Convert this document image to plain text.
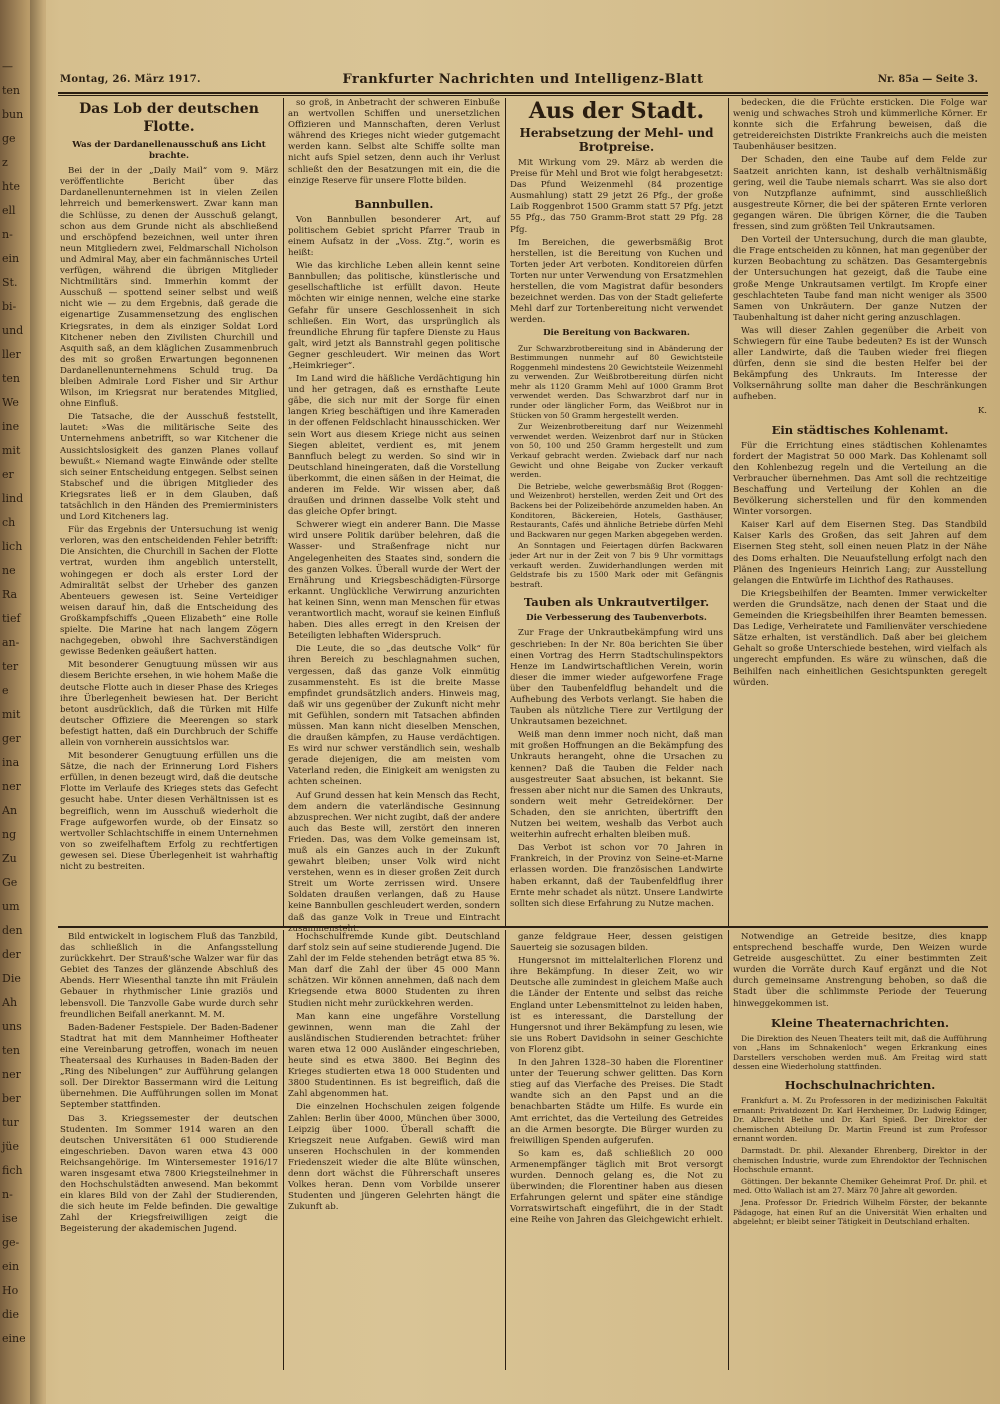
—
ten
bun
ge
z
hte
ell
n-
ein
St.
bi-
und
ller
ten
We
ine
mit
er
lind
ch
lich
ne
Ra
tief
an-
ter
e
mit
ger
ina
ner
An
ng
Zu
Ge
um
den
der
Die
Ah
uns
ten
ner
ber
tur
jüe
fich
n-
ise
ge-
ein
Ho
die
eine
Montag, 26. März 1917.	Frankfurter Nachrichten und Intelligenz-Blatt	Nr. 85a — Seite 3.
Das Lob der deutschen Flotte.
Was der Dardanellenausschuß ans Licht brachte.

Bei der in der „Daily Mail“ vom 9. März veröffentlichte Bericht über das Dardanellenunternehmen ist in vielen Zeilen lehrreich und bemerkenswert. Zwar kann man die Schlüsse, zu denen der Ausschuß gelangt, schon aus dem Grunde nicht als abschließend und erschöpfend bezeichnen, weil unter ihren neun Mitgliedern zwei, Feldmarschall Nicholson und Admiral May, aber ein fachmännisches Urteil verfügen, während die übrigen Mitglieder Nichtmilitärs sind. Immerhin kommt der Ausschuß — spottend seiner selbst und weiß nicht wie — zu dem Ergebnis, daß gerade die eigenartige Zusammensetzung des englischen Kriegsrates, in dem als einziger Soldat Lord Kitchener neben den Zivilisten Churchill und Asquith saß, an dem kläglichen Zusammenbruch des mit so großen Erwartungen begonnenen Dardanellenunternehmens Schuld trug. Da bleiben Admirale Lord Fisher und Sir Arthur Wilson, im Kriegsrat nur beratendes Mitglied, ohne Einfluß.

Die Tatsache, die der Ausschuß feststellt, lautet: »Was die militärische Seite des Unternehmens anbetrifft, so war Kitchener die Aussichtslosigkeit des ganzen Planes vollauf bewußt.« Niemand wagte Einwände oder stellte sich seiner Entscheidung entgegen. Selbst seinen Stabschef und die übrigen Mitglieder des Kriegsrates ließ er in dem Glauben, daß tatsächlich in den Händen des Premierministers und Lord Kitcheners lag.

Für das Ergebnis der Untersuchung ist wenig verloren, was den entscheidenden Fehler betrifft: Die Ansichten, die Churchill in Sachen der Flotte vertrat, wurden ihm angeblich unterstellt, wohingegen er doch als erster Lord der Admiralität selbst der Urheber des ganzen Abenteuers gewesen ist. Seine Verteidiger weisen darauf hin, daß die Entscheidung des Großkampfschiffs „Queen Elizabeth“ eine Rolle spielte. Die Marine hat nach langem Zögern nachgegeben, obwohl ihre Sachverständigen gewisse Bedenken geäußert hatten.

Mit besonderer Genugtuung müssen wir aus diesem Berichte ersehen, in wie hohem Maße die deutsche Flotte auch in dieser Phase des Krieges ihre Überlegenheit bewiesen hat. Der Bericht betont ausdrücklich, daß die Türken mit Hilfe deutscher Offiziere die Meerengen so stark befestigt hatten, daß ein Durchbruch der Schiffe allein von vornherein aussichtslos war.

Mit besonderer Genugtuung erfüllen uns die Sätze, die nach der Erinnerung Lord Fishers erfüllen, in denen bezeugt wird, daß die deutsche Flotte im Verlaufe des Krieges stets das Gefecht gesucht habe. Unter diesen Verhältnissen ist es begreiflich, wenn im Ausschuß wiederholt die Frage aufgeworfen wurde, ob der Einsatz so wertvoller Schlachtschiffe in einem Unternehmen von so zweifelhaftem Erfolg zu rechtfertigen gewesen sei. Diese Überlegenheit ist wahrhaftig nicht zu bestreiten.

so groß, in Anbetracht der schweren Einbuße an wertvollen Schiffen und unersetzlichen Offizieren und Mannschaften, deren Verlust während des Krieges nicht wieder gutgemacht werden kann. Selbst alte Schiffe sollte man nicht aufs Spiel setzen, denn auch ihr Verlust schließt den der Besatzungen mit ein, die die einzige Reserve für unsere Flotte bilden.

Bannbullen.

Von Bannbullen besonderer Art, auf politischem Gebiet spricht Pfarrer Traub in einem Aufsatz in der „Voss. Ztg.“, worin es heißt:

Wie das kirchliche Leben allein kennt seine Bannbullen; das politische, künstlerische und gesellschaftliche ist erfüllt davon. Heute möchten wir einige nennen, welche eine starke Gefahr für unsere Geschlossenheit in sich schließen. Ein Wort, das ursprünglich als freundliche Ehrung für tapfere Dienste zu Haus galt, wird jetzt als Bannstrahl gegen politische Gegner geschleudert. Wir meinen das Wort „Heimkrieger“.

Im Land wird die häßliche Verdächtigung hin und her getragen, daß es ernsthafte Leute gäbe, die sich nur mit der Sorge für einen langen Krieg beschäftigen und ihre Kameraden in der offenen Feldschlacht hinausschicken. Wer sein Wort aus diesem Kriege nicht aus seinen Siegen ableitet, verdient es, mit jenem Bannfluch belegt zu werden. So sind wir in Deutschland hineingeraten, daß die Vorstellung überkommt, die einen säßen in der Heimat, die anderen im Felde. Wir wissen aber, daß draußen und drinnen dasselbe Volk steht und das gleiche Opfer bringt.

Schwerer wiegt ein anderer Bann. Die Masse wird unsere Politik darüber belehren, daß die Wasser- und Straßenfrage nicht nur Angelegenheiten des Staates sind, sondern die des ganzen Volkes. Überall wurde der Wert der Ernährung und Kriegsbeschädigten-Fürsorge erkannt. Unglückliche Verwirrung anzurichten hat keinen Sinn, wenn man Menschen für etwas verantwortlich macht, worauf sie keinen Einfluß haben. Dies alles erregt in den Kreisen der Beteiligten lebhaften Widerspruch.

Die Leute, die so „das deutsche Volk“ für ihren Bereich zu beschlagnahmen suchen, vergessen, daß das ganze Volk einmütig zusammensteht. Es ist die breite Masse empfindet grundsätzlich anders. Hinweis mag, daß wir uns gegenüber der Zukunft nicht mehr mit Gefühlen, sondern mit Tatsachen abfinden müssen. Man kann nicht dieselben Menschen, die draußen kämpfen, zu Hause verdächtigen. Es wird nur schwer verständlich sein, weshalb gerade diejenigen, die am meisten vom Vaterland reden, die Einigkeit am wenigsten zu achten scheinen.

Auf Grund dessen hat kein Mensch das Recht, dem andern die vaterländische Gesinnung abzusprechen. Wer nicht zugibt, daß der andere auch das Beste will, zerstört den inneren Frieden. Das, was dem Volke gemeinsam ist, muß als ein Ganzes auch in der Zukunft gewahrt bleiben; unser Volk wird nicht verstehen, wenn es in dieser großen Zeit durch Streit um Worte zerrissen wird. Unsere Soldaten draußen verlangen, daß zu Hause keine Bannbullen geschleudert werden, sondern daß das ganze Volk in Treue und Eintracht zusammensteht.

Aus der Stadt.
Herabsetzung der Mehl- und Brotpreise.

Mit Wirkung vom 29. März ab werden die Preise für Mehl und Brot wie folgt herabgesetzt: Das Pfund Weizenmehl (84 prozentige Ausmahlung) statt 29 jetzt 26 Pfg., der große Laib Roggenbrot 1500 Gramm statt 57 Pfg. jetzt 55 Pfg., das 750 Gramm-Brot statt 29 Pfg. 28 Pfg.

Im Bereichen, die gewerbsmäßig Brot herstellen, ist die Bereitung von Kuchen und Torten jeder Art verboten. Konditoreien dürfen Torten nur unter Verwendung von Ersatzmehlen herstellen, die vom Magistrat dafür besonders bezeichnet werden. Das von der Stadt gelieferte Mehl darf zur Tortenbereitung nicht verwendet werden.

Die Bereitung von Backwaren.

Zur Schwarzbrotbereitung sind in Abänderung der Bestimmungen nunmehr auf 80 Gewichtsteile Roggenmehl mindestens 20 Gewichtsteile Weizenmehl zu verwenden. Zur Weißbrotbereitung dürfen nicht mehr als 1120 Gramm Mehl auf 1000 Gramm Brot verwendet werden. Das Schwarzbrot darf nur in runder oder länglicher Form, das Weißbrot nur in Stücken von 50 Gramm hergestellt werden.

Zur Weizenbrotbereitung darf nur Weizenmehl verwendet werden. Weizenbrot darf nur in Stücken von 50, 100 und 250 Gramm hergestellt und zum Verkauf gebracht werden. Zwieback darf nur nach Gewicht und ohne Beigabe von Zucker verkauft werden.

Die Betriebe, welche gewerbsmäßig Brot (Roggen- und Weizenbrot) herstellen, werden Zeit und Ort des Backens bei der Polizeibehörde anzumelden haben. An Konditoren, Bäckereien, Hotels, Gasthäuser, Restaurants, Cafés und ähnliche Betriebe dürfen Mehl und Backwaren nur gegen Marken abgegeben werden.

An Sonntagen und Feiertagen dürfen Backwaren jeder Art nur in der Zeit von 7 bis 9 Uhr vormittags verkauft werden. Zuwiderhandlungen werden mit Geldstrafe bis zu 1500 Mark oder mit Gefängnis bestraft.

Tauben als Unkrautvertilger.
Die Verbesserung des Taubenverbots.

Zur Frage der Unkrautbekämpfung wird uns geschrieben: In der Nr. 80a berichten Sie über einen Vortrag des Herrn Stadtschulinspektors Henze im Landwirtschaftlichen Verein, worin dieser die immer wieder aufgeworfene Frage über den Taubenfeldflug behandelt und die Aufhebung des Verbots verlangt. Sie haben die Tauben als nützliche Tiere zur Vertilgung der Unkrautsamen bezeichnet.

Weiß man denn immer noch nicht, daß man mit großen Hoffnungen an die Bekämpfung des Unkrauts herangeht, ohne die Ursachen zu kennen? Daß die Tauben die Felder nach ausgestreuter Saat absuchen, ist bekannt. Sie fressen aber nicht nur die Samen des Unkrauts, sondern weit mehr Getreidekörner. Der Schaden, den sie anrichten, übertrifft den Nutzen bei weitem, weshalb das Verbot auch weiterhin aufrecht erhalten bleiben muß.

Das Verbot ist schon vor 70 Jahren in Frankreich, in der Provinz von Seine-et-Marne erlassen worden. Die französischen Landwirte haben erkannt, daß der Taubenfeldflug ihrer Ernte mehr schadet als nützt. Unsere Landwirte sollten sich diese Erfahrung zu Nutze machen.

bedecken, die die Früchte ersticken. Die Folge war wenig und schwaches Stroh und kümmerliche Körner. Er konnte sich die Erfahrung beweisen, daß die getreidereichsten Distrikte Frankreichs auch die meisten Taubenhäuser besitzen.

Der Schaden, den eine Taube auf dem Felde zur Saatzeit anrichten kann, ist deshalb verhältnismäßig gering, weil die Taube niemals scharrt. Was sie also dort von Nutzpflanze aufnimmt, sind ausschließlich ausgestreute Körner, die bei der späteren Ernte verloren gegangen wären. Die übrigen Körner, die die Tauben fressen, sind zum größten Teil Unkrautsamen.

Den Vorteil der Untersuchung, durch die man glaubte, die Frage entscheiden zu können, hat man gegenüber der kurzen Beobachtung zu schätzen. Das Gesamtergebnis der Untersuchungen hat gezeigt, daß die Taube eine große Menge Unkrautsamen vertilgt. Im Kropfe einer geschlachteten Taube fand man nicht weniger als 3500 Samen von Unkräutern. Der ganze Nutzen der Taubenhaltung ist daher nicht gering anzuschlagen.

Was will dieser Zahlen gegenüber die Arbeit von Schwiegern für eine Taube bedeuten? Es ist der Wunsch aller Landwirte, daß die Tauben wieder frei fliegen dürfen, denn sie sind die besten Helfer bei der Bekämpfung des Unkrauts. Im Interesse der Volksernährung sollte man daher die Beschränkungen aufheben.

K.
Ein städtisches Kohlenamt.

Für die Errichtung eines städtischen Kohlenamtes fordert der Magistrat 50 000 Mark. Das Kohlenamt soll den Kohlenbezug regeln und die Verteilung an die Verbraucher übernehmen. Das Amt soll die rechtzeitige Beschaffung und Verteilung der Kohlen an die Bevölkerung sicherstellen und für den kommenden Winter vorsorgen.

Kaiser Karl auf dem Eisernen Steg. Das Standbild Kaiser Karls des Großen, das seit Jahren auf dem Eisernen Steg steht, soll einen neuen Platz in der Nähe des Doms erhalten. Die Neuaufstellung erfolgt nach den Plänen des Ingenieurs Heinrich Lang; zur Ausstellung gelangen die Entwürfe im Lichthof des Rathauses.

Die Kriegsbeihilfen der Beamten. Immer verwickelter werden die Grundsätze, nach denen der Staat und die Gemeinden die Kriegsbeihilfen ihrer Beamten bemessen. Das Ledige, Verheiratete und Familienväter verschiedene Sätze erhalten, ist verständlich. Daß aber bei gleichem Gehalt so große Unterschiede bestehen, wird vielfach als ungerecht empfunden. Es wäre zu wünschen, daß die Beihilfen nach einheitlichen Gesichtspunkten geregelt würden.

Bild entwickelt in logischem Fluß das Tanzbild, das schließlich in die Anfangsstellung zurückkehrt. Der Strauß'sche Walzer war für das Gebiet des Tanzes der glänzende Abschluß des Abends. Herr Wiesenthal tanzte ihn mit Fräulein Gebauer in rhythmischer Linie graziös und lebensvoll. Die Tanzvolle Gabe wurde durch sehr freundlichen Beifall anerkannt. M. M.

Baden-Badener Festspiele. Der Baden-Badener Stadtrat hat mit dem Mannheimer Hoftheater eine Vereinbarung getroffen, wonach im neuen Theatersaal des Kurhauses in Baden-Baden der „Ring des Nibelungen“ zur Aufführung gelangen soll. Der Direktor Bassermann wird die Leitung übernehmen. Die Aufführungen sollen im Monat September stattfinden.

Das 3. Kriegssemester der deutschen Studenten. Im Sommer 1914 waren an den deutschen Universitäten 61 000 Studierende eingeschrieben. Davon waren etwa 43 000 Reichsangehörige. Im Wintersemester 1916/17 waren insgesamt etwa 7800 Kriegsteilnehmer in den Hochschulstädten anwesend. Man bekommt ein klares Bild von der Zahl der Studierenden, die sich heute im Felde befinden. Die gewaltige Zahl der Kriegsfreiwilligen zeigt die Begeisterung der akademischen Jugend.

Hochschulfremde Kunde gibt. Deutschland darf stolz sein auf seine studierende Jugend. Die Zahl der im Felde stehenden beträgt etwa 85 %. Man darf die Zahl der über 45 000 Mann schätzen. Wir können annehmen, daß nach dem Kriegsende etwa 8000 Studenten zu ihren Studien nicht mehr zurückkehren werden.

Man kann eine ungefähre Vorstellung gewinnen, wenn man die Zahl der ausländischen Studierenden betrachtet: früher waren etwa 12 000 Ausländer eingeschrieben, heute sind es etwa 3800. Bei Beginn des Krieges studierten etwa 18 000 Studenten und 3800 Studentinnen. Es ist begreiflich, daß die Zahl abgenommen hat.

Die einzelnen Hochschulen zeigen folgende Zahlen: Berlin über 4000, München über 3000, Leipzig über 1000. Überall schafft die Kriegszeit neue Aufgaben. Gewiß wird man unseren Hochschulen in der kommenden Friedenszeit wieder die alte Blüte wünschen, denn dort wächst die Führerschaft unseres Volkes heran. Denn vom Vorbilde unserer Studenten und jüngeren Gelehrten hängt die Zukunft ab.

ganze feldgraue Heer, dessen geistigen Sauerteig sie sozusagen bilden.

Hungersnot im mittelalterlichen Florenz und ihre Bekämpfung. In dieser Zeit, wo wir Deutsche alle zumindest in gleichem Maße auch die Länder der Entente und selbst das reiche England unter Lebensmittelnot zu leiden haben, ist es interessant, die Darstellung der Hungersnot und ihrer Bekämpfung zu lesen, wie sie uns Robert Davidsohn in seiner Geschichte von Florenz gibt.

In den Jahren 1328–30 haben die Florentiner unter der Teuerung schwer gelitten. Das Korn stieg auf das Vierfache des Preises. Die Stadt wandte sich an den Papst und an die benachbarten Städte um Hilfe. Es wurde ein Amt errichtet, das die Verteilung des Getreides an die Armen besorgte. Die Bürger wurden zu freiwilligen Spenden aufgerufen.

So kam es, daß schließlich 20 000 Armenempfänger täglich mit Brot versorgt wurden. Dennoch gelang es, die Not zu überwinden; die Florentiner haben aus diesen Erfahrungen gelernt und später eine ständige Vorratswirtschaft eingeführt, die in der Stadt eine Reihe von Jahren das Gleichgewicht erhielt.

Notwendige an Getreide besitze, dies knapp entsprechend beschaffe wurde, Den Weizen wurde Getreide ausgeschüttet. Zu einer bestimmten Zeit wurden die Vorräte durch Kauf ergänzt und die Not durch gemeinsame Anstrengung behoben, so daß die Stadt über die schlimmste Periode der Teuerung hinweggekommen ist.

Kleine Theaternachrichten.

Die Direktion des Neuen Theaters teilt mit, daß die Aufführung von „Hans im Schnakenloch“ wegen Erkrankung eines Darstellers verschoben werden muß. Am Freitag wird statt dessen eine Wiederholung stattfinden.

Hochschulnachrichten.

Frankfurt a. M. Zu Professoren in der medizinischen Fakultät ernannt: Privatdozent Dr. Karl Herxheimer, Dr. Ludwig Edinger, Dr. Albrecht Bethe und Dr. Karl Spieß. Der Direktor der chemischen Abteilung Dr. Martin Freund ist zum Professor ernannt worden.

Darmstadt. Dr. phil. Alexander Ehrenberg, Direktor in der chemischen Industrie, wurde zum Ehrendoktor der Technischen Hochschule ernannt.

Göttingen. Der bekannte Chemiker Geheimrat Prof. Dr. phil. et med. Otto Wallach ist am 27. März 70 Jahre alt geworden.

Jena. Professor Dr. Friedrich Wilhelm Förster, der bekannte Pädagoge, hat einen Ruf an die Universität Wien erhalten und abgelehnt; er bleibt seiner Tätigkeit in Deutschland erhalten.
